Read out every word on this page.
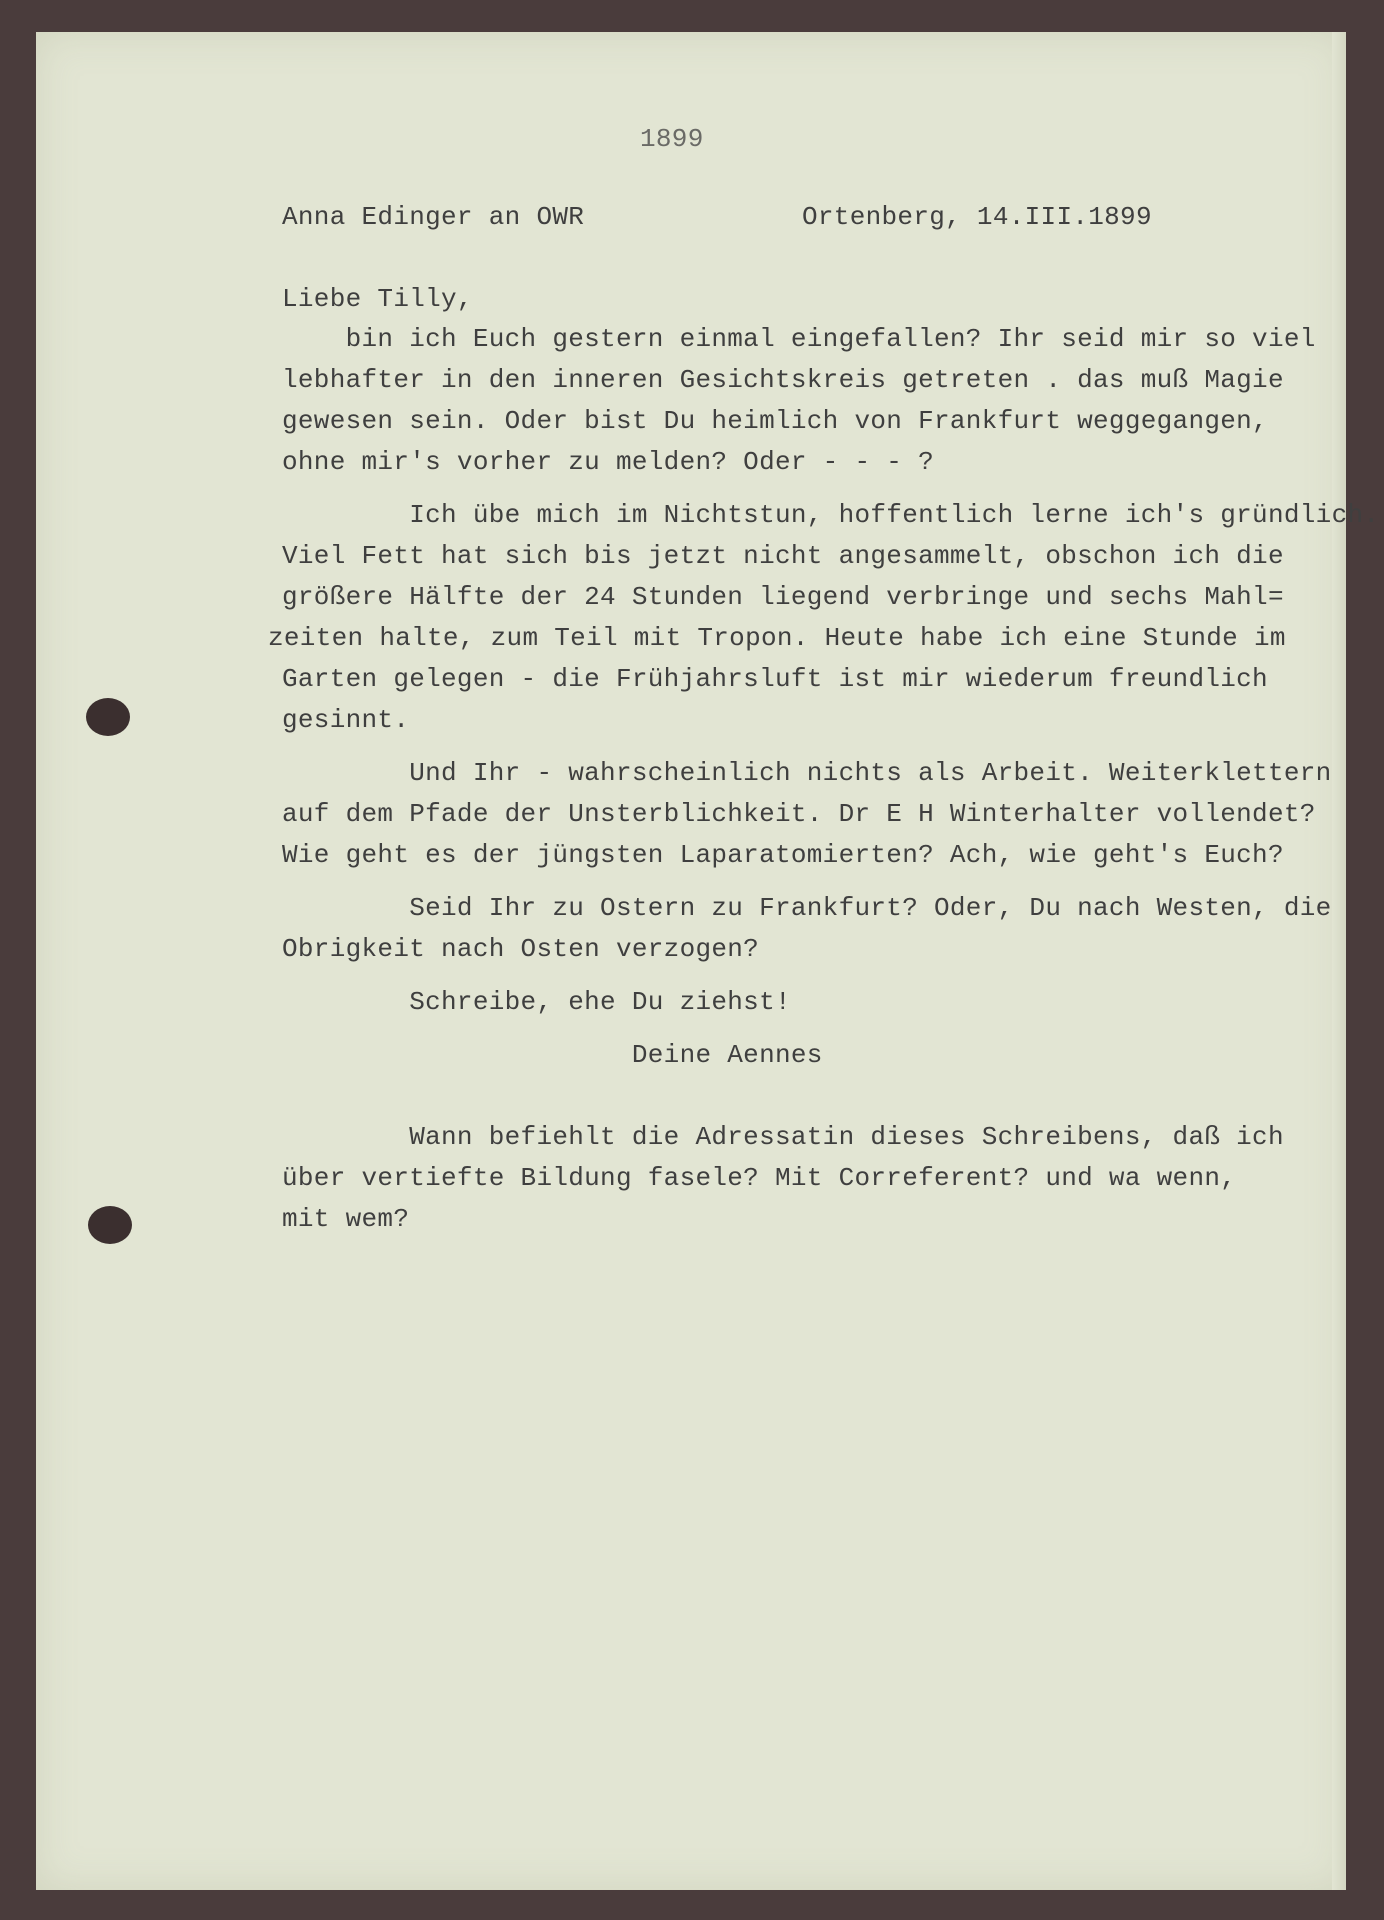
1899
Anna Edinger an OWR	Ortenberg, 14.III.1899
Liebe Tilly,
bin ich Euch gestern einmal eingefallen? Ihr seid mir so viel
lebhafter in den inneren Gesichtskreis getreten . das muß Magie
gewesen sein. Oder bist Du heimlich von Frankfurt weggegangen,
ohne mir's vorher zu melden? Oder - - - ?
Ich übe mich im Nichtstun, hoffentlich lerne ich's gründlich.
Viel Fett hat sich bis jetzt nicht angesammelt, obschon ich die
größere Hälfte der 24 Stunden liegend verbringe und sechs Mahl=
zeiten halte, zum Teil mit Tropon. Heute habe ich eine Stunde im
Garten gelegen - die Frühjahrsluft ist mir wiederum freundlich
gesinnt.
Und Ihr - wahrscheinlich nichts als Arbeit. Weiterklettern
auf dem Pfade der Unsterblichkeit. Dr E H Winterhalter vollendet?
Wie geht es der jüngsten Laparatomierten? Ach, wie geht's Euch?
Seid Ihr zu Ostern zu Frankfurt? Oder, Du nach Westen, die
Obrigkeit nach Osten verzogen?
Schreibe, ehe Du ziehst!
Deine Aennes
Wann befiehlt die Adressatin dieses Schreibens, daß ich
über vertiefte Bildung fasele? Mit Correferent? und wa wenn,
mit wem?
